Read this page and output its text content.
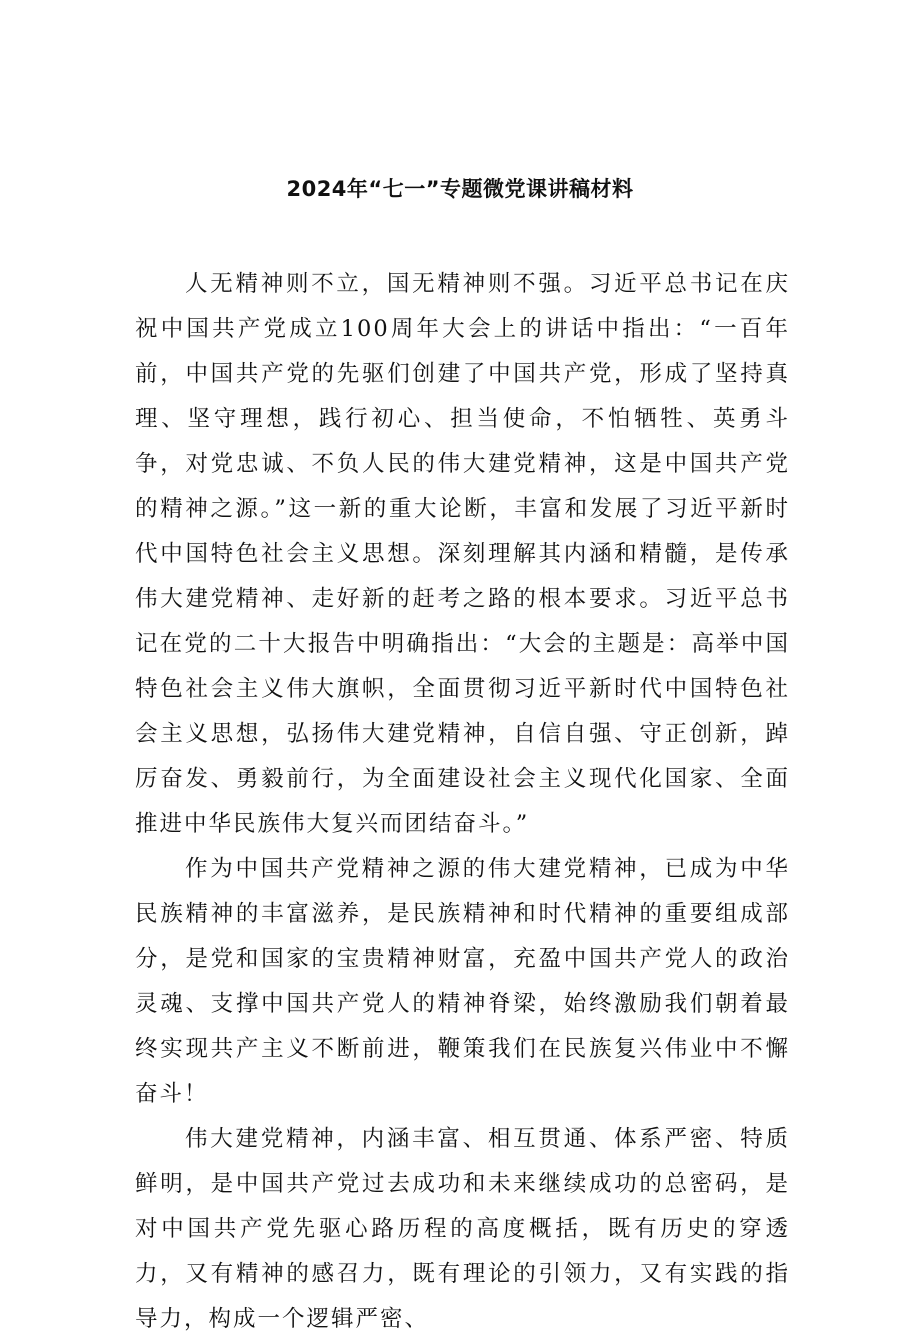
2024年“七一”专题微党课讲稿材料

人无精神则不立，国无精神则不强。习近平总书记在庆祝中国共产党成立100周年大会上的讲话中指出：“一百年前，中国共产党的先驱们创建了中国共产党，形成了坚持真理、坚守理想，践行初心、担当使命，不怕牺牲、英勇斗争，对党忠诚、不负人民的伟大建党精神，这是中国共产党的精神之源。”这一新的重大论断，丰富和发展了习近平新时代中国特色社会主义思想。深刻理解其内涵和精髓，是传承伟大建党精神、走好新的赶考之路的根本要求。习近平总书记在党的二十大报告中明确指出：“大会的主题是：高举中国特色社会主义伟大旗帜，全面贯彻习近平新时代中国特色社会主义思想，弘扬伟大建党精神，自信自强、守正创新，踔厉奋发、勇毅前行，为全面建设社会主义现代化国家、全面推进中华民族伟大复兴而团结奋斗。”

作为中国共产党精神之源的伟大建党精神，已成为中华民族精神的丰富滋养，是民族精神和时代精神的重要组成部分，是党和国家的宝贵精神财富，充盈中国共产党人的政治灵魂、支撑中国共产党人的精神脊梁，始终激励我们朝着最终实现共产主义不断前进，鞭策我们在民族复兴伟业中不懈奋斗！

伟大建党精神，内涵丰富、相互贯通、体系严密、特质鲜明，是中国共产党过去成功和未来继续成功的总密码，是对中国共产党先驱心路历程的高度概括，既有历史的穿透力，又有精神的感召力，既有理论的引领力，又有实践的指导力，构成一个逻辑严密、
